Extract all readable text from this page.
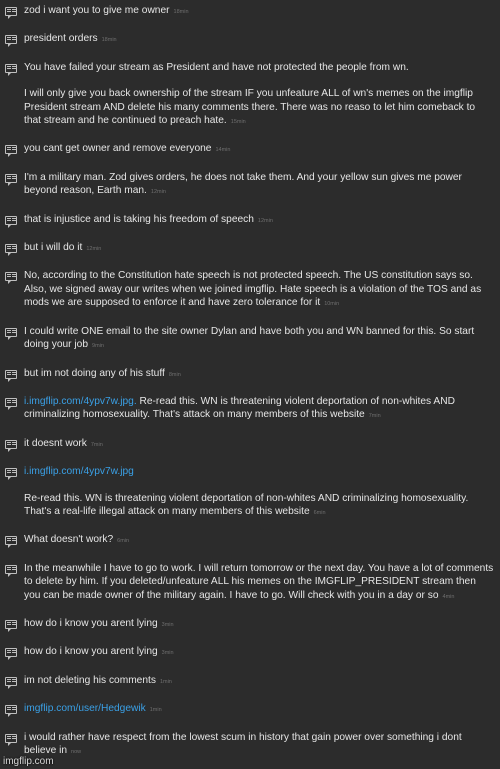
zod i want you to give me owner 18min

president orders 18min

You have failed your stream as President and have not protected the people from wn.

I will only give you back ownership of the stream IF you unfeature ALL of wn's memes on the imgflip President stream AND delete his many comments there. There was no reaso to let him comeback to that stream and he continued to preach hate. 15min

you cant get owner and remove everyone 14min

I'm a military man. Zod gives orders, he does not take them. And your yellow sun gives me power beyond reason, Earth man. 12min

that is injustice and is taking his freedom of speech 12min

but i will do it 12min

No, according to the Constitution hate speech is not protected speech. The US constitution says so. Also, we signed away our writes when we joined imgflip. Hate speech is a violation of the TOS and as mods we are supposed to enforce it and have zero tolerance for it 10min

I could write ONE email to the site owner Dylan and have both you and WN banned for this. So start doing your job 9min

but im not doing any of his stuff 8min

i.imgflip.com/4ypv7w.jpg. Re-read this. WN is threatening violent deportation of non-whites AND criminalizing homosexuality. That's attack on many members of this website 7min

it doesnt work 7min

i.imgflip.com/4ypv7w.jpg

Re-read this. WN is threatening violent deportation of non-whites AND criminalizing homosexuality. That's a real-life illegal attack on many members of this website 6min

What doesn't work? 6min

In the meanwhile I have to go to work. I will return tomorrow or the next day. You have a lot of comments to delete by him. If you deleted/unfeature ALL his memes on the IMGFLIP_PRESIDENT stream then you can be made owner of the military again. I have to go. Will check with you in a day or so 4min

how do i know you arent lying 3min

how do i know you arent lying 3min

im not deleting his comments 1min

imgflip.com/user/Hedgewik 1min

i would rather have respect from the lowest scum in history that gain power over something i dont believe in now

imgflip.com
